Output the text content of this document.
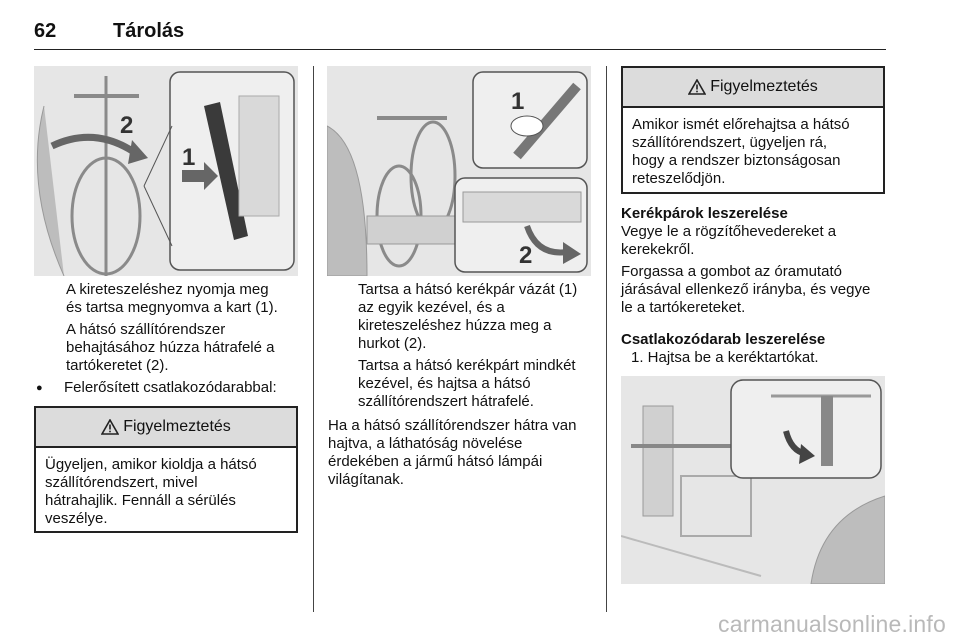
62	Tárolás
2
1
A kireteszeléshez nyomja meg
és tartsa megnyomva a kart (1).
A hátsó szállítórendszer
behajtásához húzza hátrafelé a
tartókeretet (2).
● Felerősített csatlakozódarabbal:
Figyelmeztetés
Ügyeljen, amikor kioldja a hátsó
szállítórendszert, mivel
hátrahajlik. Fennáll a sérülés
veszélye.
1
2
Tartsa a hátsó kerékpár vázát (1)
az egyik kezével, és a
kireteszeléshez húzza meg a
hurkot (2).
Tartsa a hátsó kerékpárt mindkét
kezével, és hajtsa a hátsó
szállítórendszert hátrafelé.
Ha a hátsó szállítórendszer hátra van
hajtva, a láthatóság növelése
érdekében a jármű hátsó lámpái
világítanak.
Figyelmeztetés
Amikor ismét előrehajtsa a hátsó
szállítórendszert, ügyeljen rá,
hogy a rendszer biztonságosan
reteszelődjön.
Kerékpárok leszerelése
Vegye le a rögzítőhevedereket a
kerekekről.
Forgassa a gombot az óramutató
járásával ellenkező irányba, és vegye
le a tartókereteket.
Csatlakozódarab leszerelése
1. Hajtsa be a keréktartókat.
carmanualsonline.info
